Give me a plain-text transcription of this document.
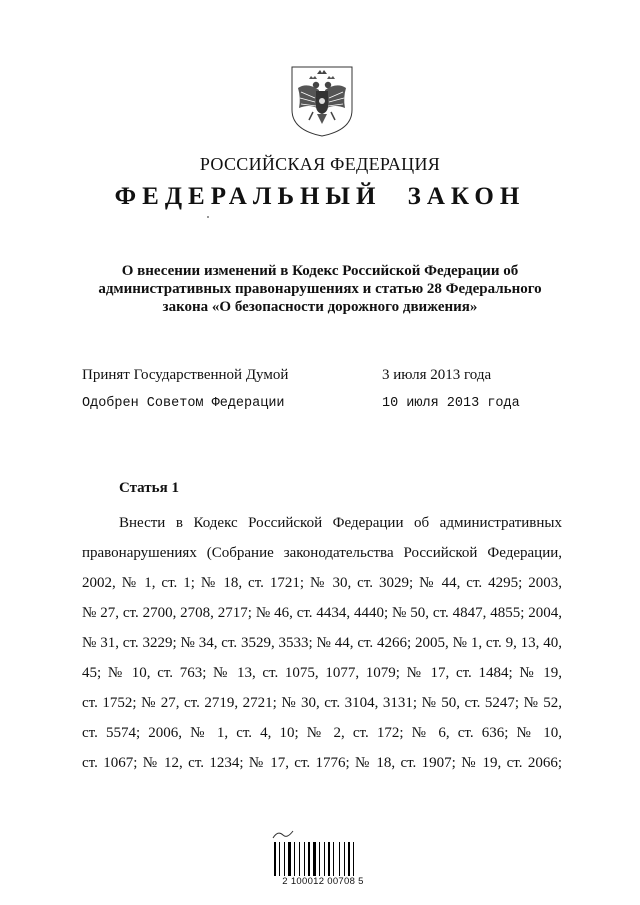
РОССИЙСКАЯ ФЕДЕРАЦИЯ
ФЕДЕРАЛЬНЫЙ ЗАКОН
О внесении изменений в Кодекс Российской Федерации об
административных правонарушениях и статью 28 Федерального
закона «О безопасности дорожного движения»
Принят Государственной Думой	3 июля 2013 года
Одобрен Советом Федерации	10 июля 2013 года
Статья 1
Внести в Кодекс Российской Федерации об административных
правонарушениях (Собрание законодательства Российской Федерации,
2002, № 1, ст. 1; № 18, ст. 1721; № 30, ст. 3029; № 44, ст. 4295; 2003,
№ 27, ст. 2700, 2708, 2717; № 46, ст. 4434, 4440; № 50, ст. 4847, 4855; 2004,
№ 31, ст. 3229; № 34, ст. 3529, 3533; № 44, ст. 4266; 2005, № 1, ст. 9, 13, 40,
45; № 10, ст. 763; № 13, ст. 1075, 1077, 1079; № 17, ст. 1484; № 19,
ст. 1752; № 27, ст. 2719, 2721; № 30, ст. 3104, 3131; № 50, ст. 5247; № 52,
ст. 5574; 2006, № 1, ст. 4, 10; № 2, ст. 172; № 6, ст. 636; № 10,
ст. 1067; № 12, ст. 1234; № 17, ст. 1776; № 18, ст. 1907; № 19, ст. 2066;
2 100012 00708 5
